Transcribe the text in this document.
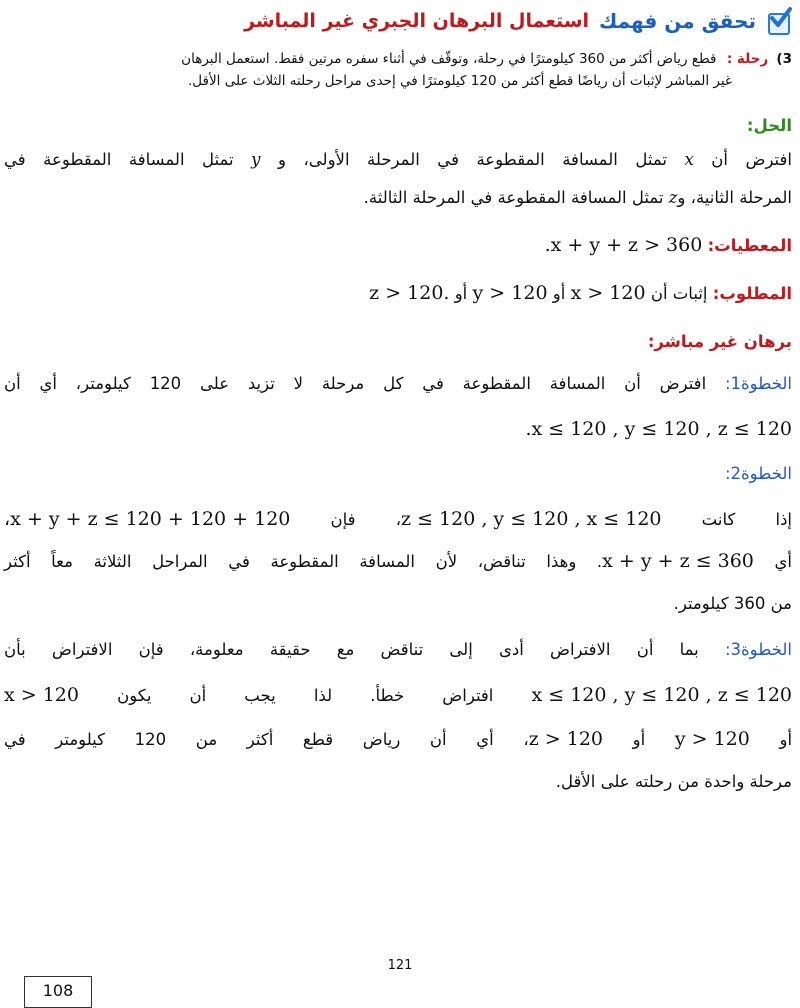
تحقق من فهمك
استعمال البرهان الجبري غير المباشر
3) رحلة : قطع رياض أكثر من 360 كيلومترًا في رحلة، وتوقّف في أثناء سفره مرتين فقط. استعمل البرهان
غير المباشر لإثبات أن رياضًا قطع أكثر من 120 كيلومترًا في إحدى مراحل رحلته الثلاث على الأقل.
الحل:
افترض أن x تمثل المسافة المقطوعة في المرحلة الأولى، و y تمثل المسافة المقطوعة في
المرحلة الثانية، وz تمثل المسافة المقطوعة في المرحلة الثالثة.
المعطيات: .x + y + z > 360
المطلوب: إثبات أن x > 120 أو y > 120 أو z > 120.
برهان غير مباشر:
الخطوة1: افترض أن المسافة المقطوعة في كل مرحلة لا تزيد على 120 كيلومتر، أي أن
.x ≤ 120 , y ≤ 120 , z ≤ 120
الخطوة2:
إذا كانت z ≤ 120 , y ≤ 120 , x ≤ 120، فإن ،x + y + z ≤ 120 + 120 + 120
أي x + y + z ≤ 360. وهذا تناقض، لأن المسافة المقطوعة في المراحل الثلاثة معاً أكثر
من 360 كيلومتر.
الخطوة3: بما أن الافتراض أدى إلى تناقض مع حقيقة معلومة، فإن الافتراض بأن
x ≤ 120 , y ≤ 120 , z ≤ 120 افتراض خطأ. لذا يجب أن يكون x > 120
أو y > 120 أو z > 120، أي أن رياض قطع أكثر من 120 كيلومتر في
مرحلة واحدة من رحلته على الأقل.
121
108
